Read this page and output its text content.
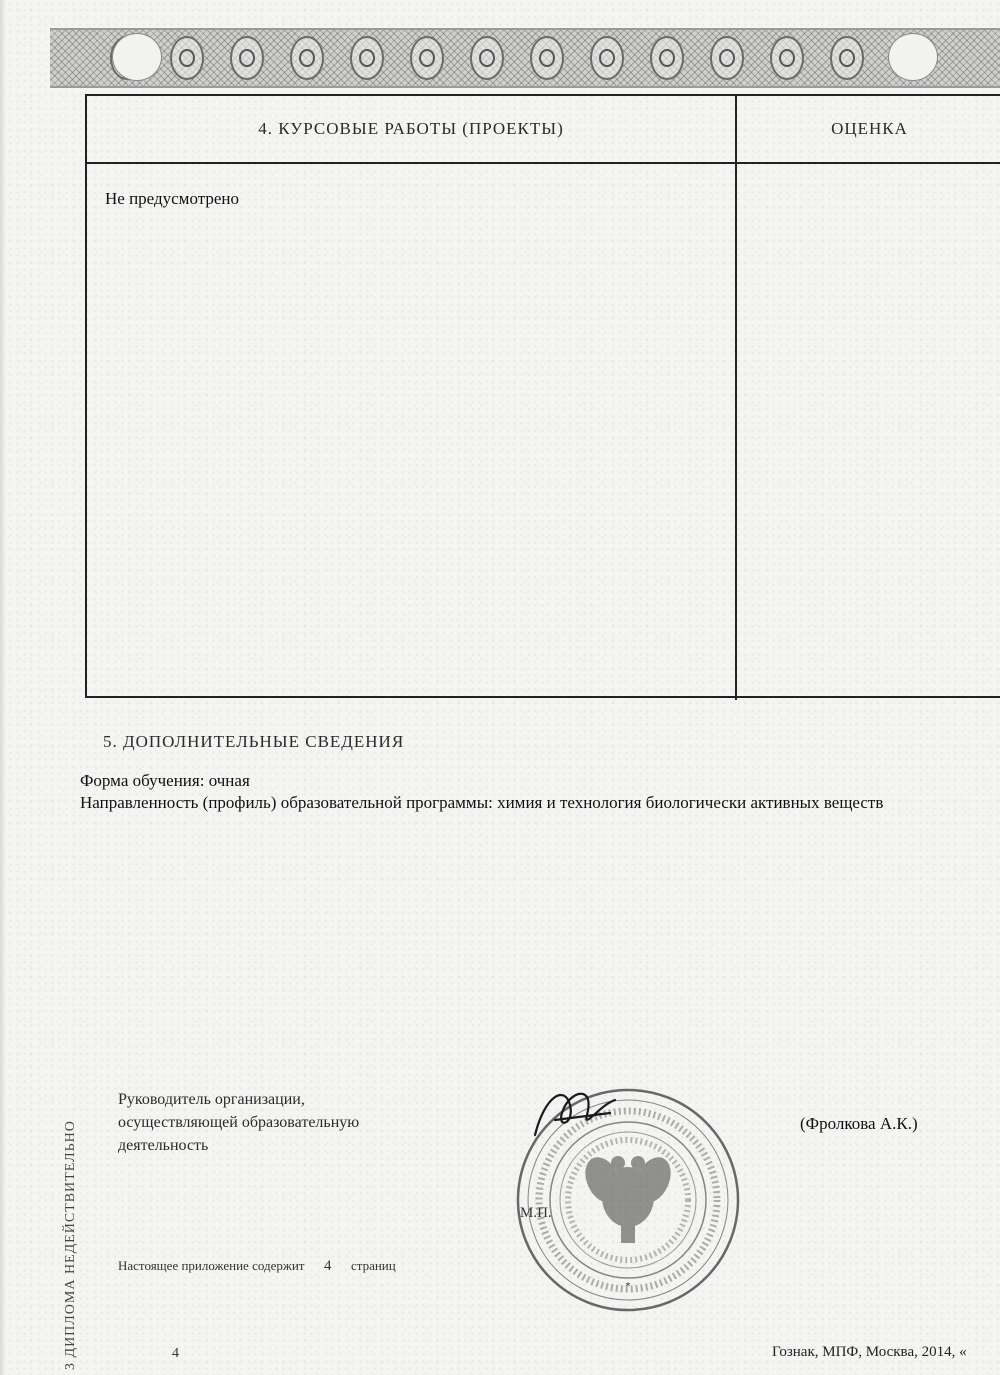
4. КУРСОВЫЕ РАБОТЫ (ПРОЕКТЫ)	ОЦЕНКА
Не предусмотрено
5. ДОПОЛНИТЕЛЬНЫЕ СВЕДЕНИЯ
Форма обучения: очная
Направленность (профиль) образовательной программы: химия и технология биологически активных веществ
Руководитель организации,
осуществляющей образовательную
деятельность
*
(Фролкова А.К.)
М.П.
Настоящее приложение содержит 4 страниц
З ДИПЛОМА НЕДЕЙСТВИТЕЛЬНО	4	Гознак, МПФ, Москва, 2014, «
